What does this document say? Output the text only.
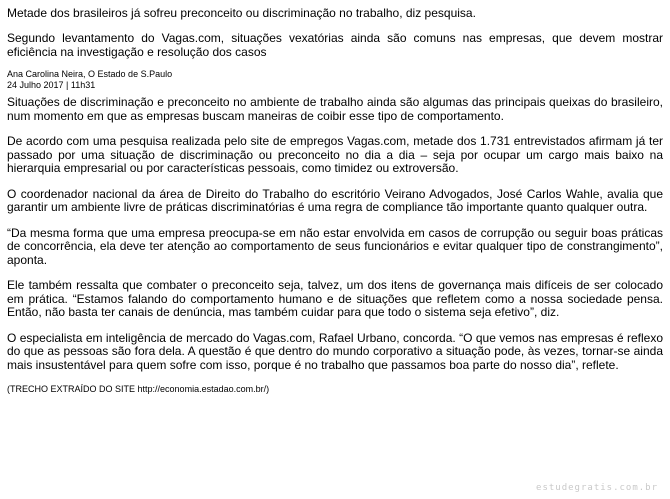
Metade dos brasileiros já sofreu preconceito ou discriminação no trabalho, diz pesquisa.

Segundo levantamento do Vagas.com, situações vexatórias ainda são comuns nas empresas, que devem mostrar eficiência na investigação e resolução dos casos

Ana Carolina Neira, O Estado de S.Paulo

24 Julho 2017 | 11h31

Situações de discriminação e preconceito no ambiente de trabalho ainda são algumas das principais queixas do brasileiro, num momento em que as empresas buscam maneiras de coibir esse tipo de comportamento.

De acordo com uma pesquisa realizada pelo site de empregos Vagas.com, metade dos 1.731 entrevistados afirmam já ter passado por uma situação de discriminação ou preconceito no dia a dia – seja por ocupar um cargo mais baixo na hierarquia empresarial ou por características pessoais, como timidez ou extroversão.

O coordenador nacional da área de Direito do Trabalho do escritório Veirano Advogados, José Carlos Wahle, avalia que garantir um ambiente livre de práticas discriminatórias é uma regra de compliance tão importante quanto qualquer outra.

“Da mesma forma que uma empresa preocupa-se em não estar envolvida em casos de corrupção ou seguir boas práticas de concorrência, ela deve ter atenção ao comportamento de seus funcionários e evitar qualquer tipo de constrangimento”, aponta.

Ele também ressalta que combater o preconceito seja, talvez, um dos itens de governança mais difíceis de ser colocado em prática. “Estamos falando do comportamento humano e de situações que refletem como a nossa sociedade pensa. Então, não basta ter canais de denúncia, mas também cuidar para que todo o sistema seja efetivo”, diz.

O especialista em inteligência de mercado do Vagas.com, Rafael Urbano, concorda. “O que vemos nas empresas é reflexo do que as pessoas são fora dela. A questão é que dentro do mundo corporativo a situação pode, às vezes, tornar-se ainda mais insustentável para quem sofre com isso, porque é no trabalho que passamos boa parte do nosso dia”, reflete.

(TRECHO EXTRAÍDO DO SITE http://economia.estadao.com.br/)
estudegratis.com.br
